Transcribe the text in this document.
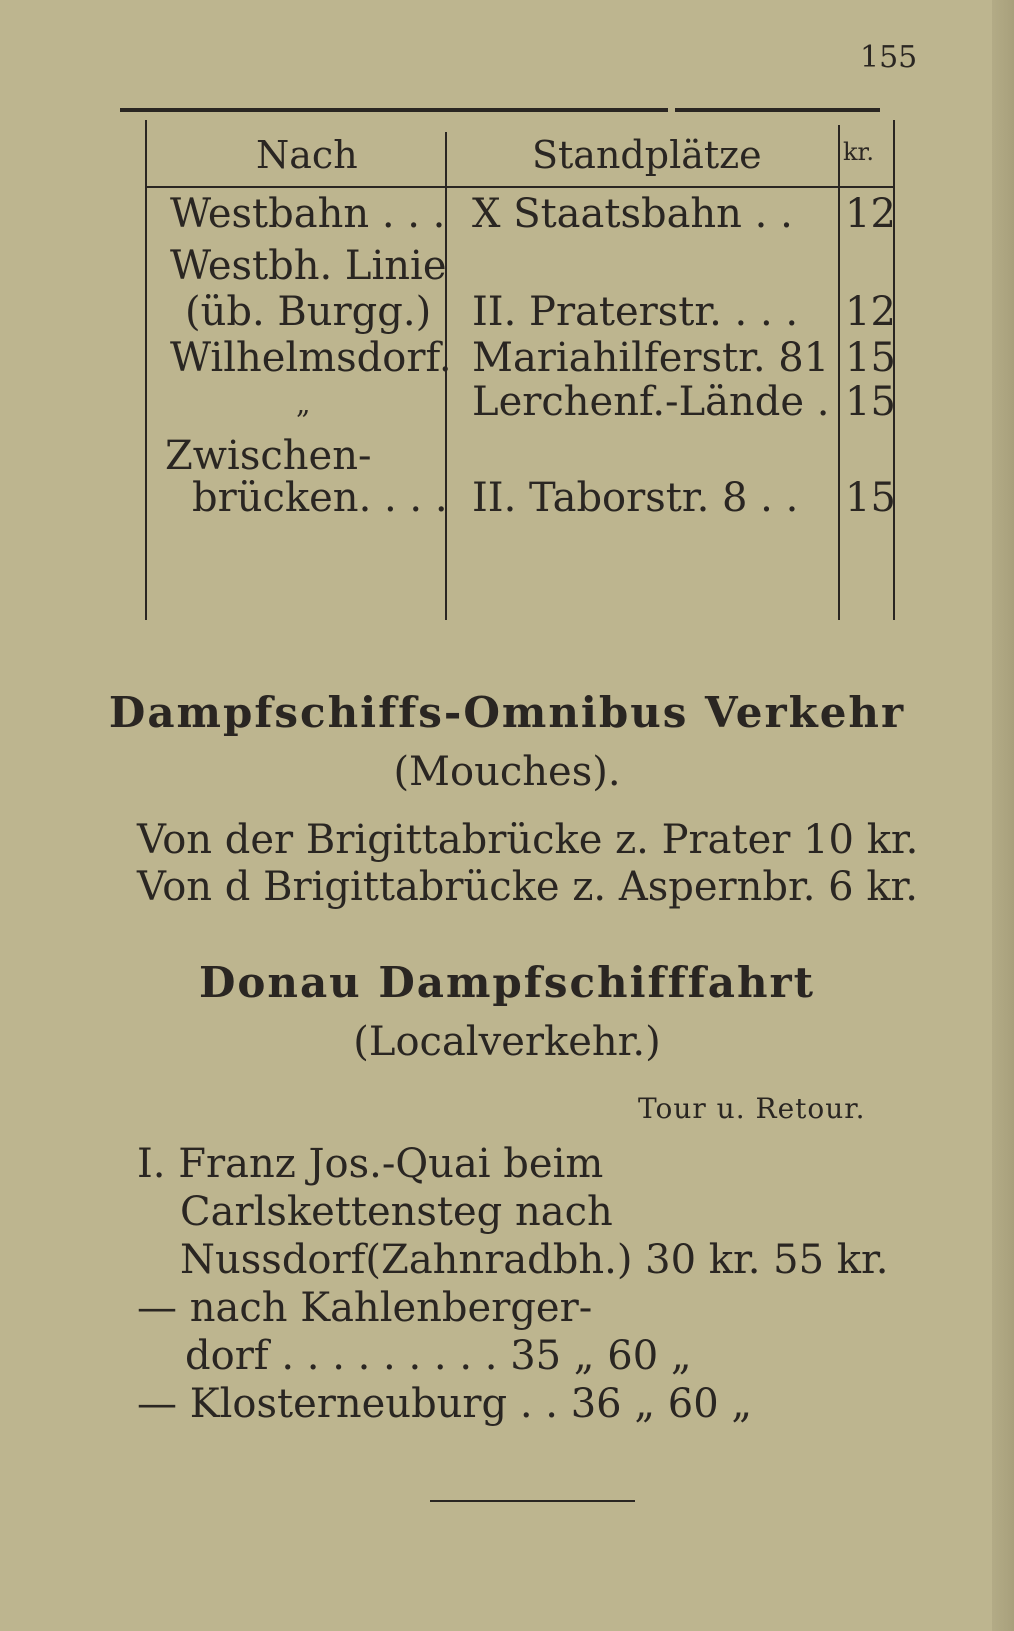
155
Nach	Standplätze	kr.
Westbahn . . . X Staatsbahn . . 12
Westbh. Linie
(üb. Burgg.) II. Praterstr. . . . 12
Wilhelmsdorf. Mariahilferstr. 81 15
„	Lerchenf.-Lände . 15
Zwischen-
brücken. . . . II. Taborstr. 8 . . 15
Dampfschiffs-Omnibus Verkehr
(Mouches).
Von der Brigittabrücke z. Prater 10 kr.
Von d Brigittabrücke z. Aspernbr. 6 kr.
Donau Dampfschifffahrt
(Localverkehr.)
Tour u. Retour.
I. Franz Jos.-Quai beim
Carlskettensteg nach
Nussdorf(Zahnradbh.) 30 kr. 55 kr.
— nach Kahlenberger-
dorf . . . . . . . . . 35 „ 60 „
— Klosterneuburg . . 36 „ 60 „
